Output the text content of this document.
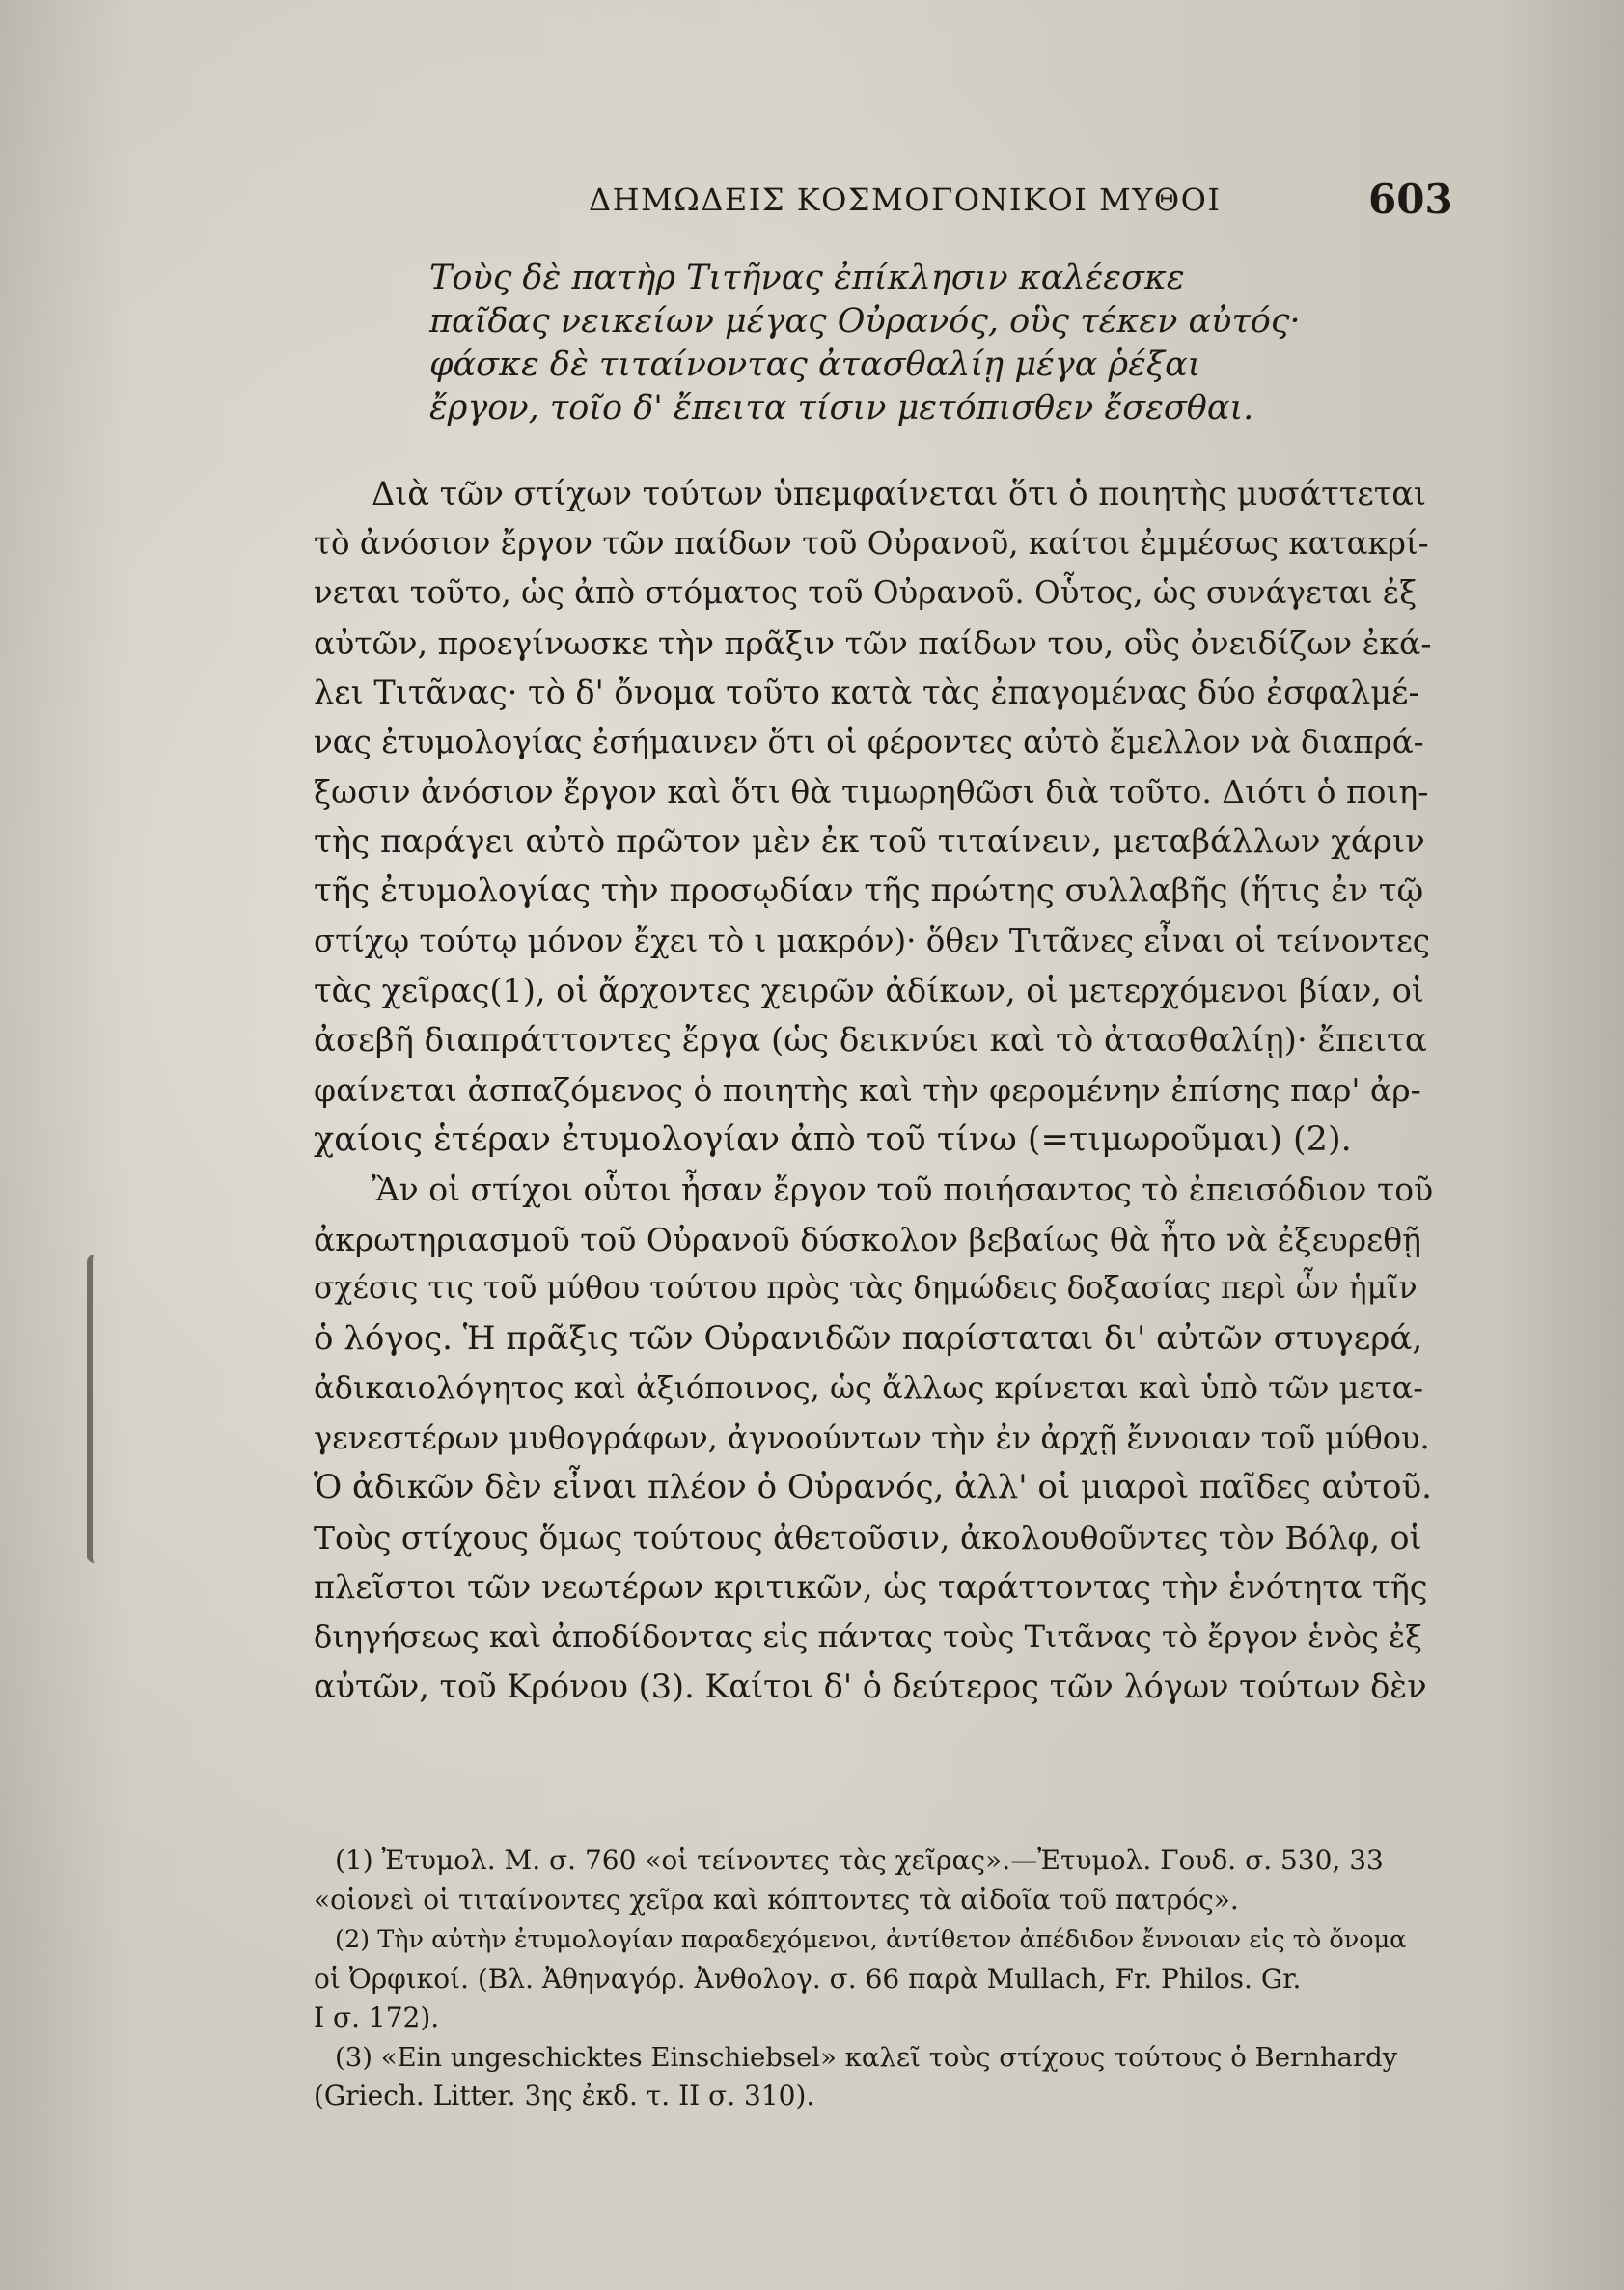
ΔΗΜΩΔΕΙΣ ΚΟΣΜΟΓΟΝΙΚΟΙ ΜΥΘΟΙ	603
Τοὺς δὲ πατὴρ Τιτῆνας ἐπίκλησιν καλέεσκε παῖδας νεικείων μέγας Οὐρανός, οὓς τέκεν αὐτός· φάσκε δὲ τιταίνοντας ἀτασθαλίῃ μέγα ῥέξαι ἔργον, τοῖο δ' ἔπειτα τίσιν μετόπισθεν ἔσεσθαι.
Διὰ τῶν στίχων τούτων ὑπεμφαίνεται ὅτι ὁ ποιητὴς μυσάττεται
τὸ ἀνόσιον ἔργον τῶν παίδων τοῦ Οὐρανοῦ, καίτοι ἐμμέσως κατακρί-
νεται τοῦτο, ὡς ἀπὸ στόματος τοῦ Οὐρανοῦ. Οὗτος, ὡς συνάγεται ἐξ
αὐτῶν, προεγίνωσκε τὴν πρᾶξιν τῶν παίδων του, οὓς ὀνειδίζων ἐκά-
λει Τιτᾶνας· τὸ δ' ὄνομα τοῦτο κατὰ τὰς ἐπαγομένας δύο ἐσφαλμέ-
νας ἐτυμολογίας ἐσήμαινεν ὅτι οἱ φέροντες αὐτὸ ἔμελλον νὰ διαπρά-
ξωσιν ἀνόσιον ἔργον καὶ ὅτι θὰ τιμωρηθῶσι διὰ τοῦτο. Διότι ὁ ποιη-
τὴς παράγει αὐτὸ πρῶτον μὲν ἐκ τοῦ τιταίνειν, μεταβάλλων χάριν
τῆς ἐτυμολογίας τὴν προσῳδίαν τῆς πρώτης συλλαβῆς (ἥτις ἐν τῷ
στίχῳ τούτῳ μόνον ἔχει τὸ ι μακρόν)· ὅθεν Τιτᾶνες εἶναι οἱ τείνοντες
τὰς χεῖρας(1), οἱ ἄρχοντες χειρῶν ἀδίκων, οἱ μετερχόμενοι βίαν, οἱ
ἀσεβῆ διαπράττοντες ἔργα (ὡς δεικνύει καὶ τὸ ἀτασθαλίῃ)· ἔπειτα
φαίνεται ἀσπαζόμενος ὁ ποιητὴς καὶ τὴν φερομένην ἐπίσης παρ' ἀρ-
χαίοις ἑτέραν ἐτυμολογίαν ἀπὸ τοῦ τίνω (=τιμωροῦμαι) (2).
Ἂν οἱ στίχοι οὗτοι ἦσαν ἔργον τοῦ ποιήσαντος τὸ ἐπεισόδιον τοῦ
ἀκρωτηριασμοῦ τοῦ Οὐρανοῦ δύσκολον βεβαίως θὰ ἦτο νὰ ἐξευρεθῇ
σχέσις τις τοῦ μύθου τούτου πρὸς τὰς δημώδεις δοξασίας περὶ ὧν ἡμῖν
ὁ λόγος. Ἡ πρᾶξις τῶν Οὐρανιδῶν παρίσταται δι' αὐτῶν στυγερά,
ἀδικαιολόγητος καὶ ἀξιόποινος, ὡς ἄλλως κρίνεται καὶ ὑπὸ τῶν μετα-
γενεστέρων μυθογράφων, ἀγνοούντων τὴν ἐν ἀρχῇ ἔννοιαν τοῦ μύθου.
Ὁ ἀδικῶν δὲν εἶναι πλέον ὁ Οὐρανός, ἀλλ' οἱ μιαροὶ παῖδες αὐτοῦ.
Τοὺς στίχους ὅμως τούτους ἀθετοῦσιν, ἀκολουθοῦντες τὸν Βόλφ, οἱ
πλεῖστοι τῶν νεωτέρων κριτικῶν, ὡς ταράττοντας τὴν ἑνότητα τῆς
διηγήσεως καὶ ἀποδίδοντας εἰς πάντας τοὺς Τιτᾶνας τὸ ἔργον ἑνὸς ἐξ
αὐτῶν, τοῦ Κρόνου (3). Καίτοι δ' ὁ δεύτερος τῶν λόγων τούτων δὲν
(1) Ἐτυμολ. Μ. σ. 760 «οἱ τείνοντες τὰς χεῖρας».—Ἐτυμολ. Γουδ. σ. 530, 33 «οἱονεὶ οἱ τιταίνοντες χεῖρα καὶ κόπτοντες τὰ αἰδοῖα τοῦ πατρός». (2) Τὴν αὐτὴν ἐτυμολογίαν παραδεχόμενοι, ἀντίθετον ἀπέδιδον ἔννοιαν εἰς τὸ ὄνομα οἱ Ὀρφικοί. (Βλ. Ἀθηναγόρ. Ἀνθολογ. σ. 66 παρὰ Mullach, Fr. Philos. Gr. I σ. 172). (3) «Ein ungeschicktes Einschiebsel» καλεῖ τοὺς στίχους τούτους ὁ Bernhardy (Griech. Litter. 3ης ἐκδ. τ. II σ. 310).
